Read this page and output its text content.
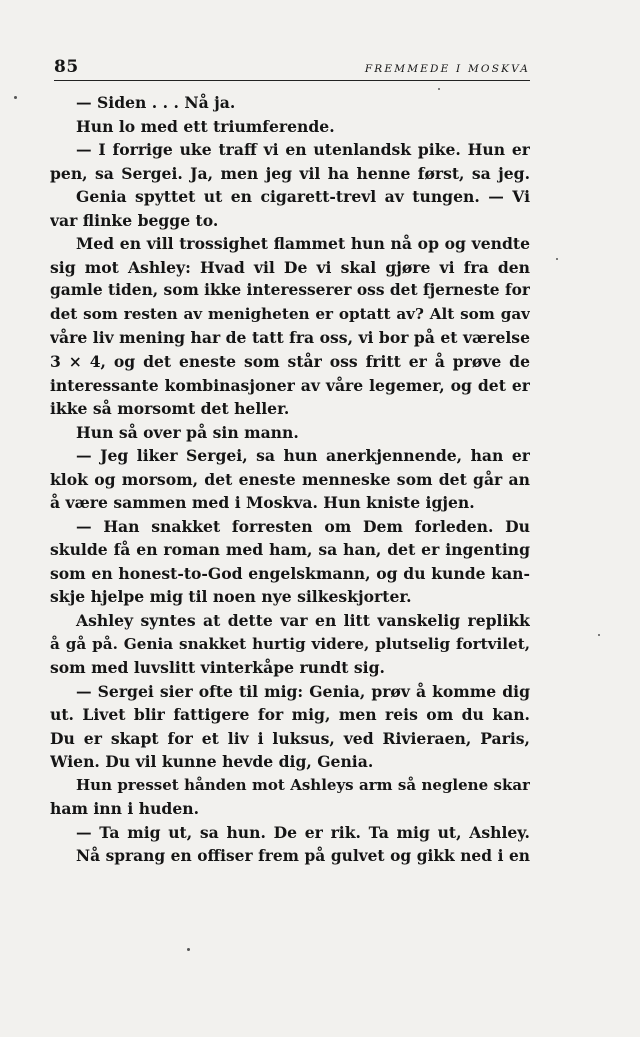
85	FREMMEDE I MOSKVA
— Siden . . . Nå ja.
Hun lo med ett triumferende.
— I forrige uke traff vi en utenlandsk pike. Hun er
pen, sa Sergei. Ja, men jeg vil ha henne først, sa jeg.
Genia spyttet ut en cigarett-trevl av tungen. — Vi
var flinke begge to.
Med en vill trossighet flammet hun nå op og vendte
sig mot Ashley: Hvad vil De vi skal gjøre vi fra den
gamle tiden, som ikke interesserer oss det fjerneste for
det som resten av menigheten er optatt av? Alt som gav
våre liv mening har de tatt fra oss, vi bor på et værelse
3 × 4, og det eneste som står oss fritt er å prøve de
interessante kombinasjoner av våre legemer, og det er
ikke så morsomt det heller.
Hun så over på sin mann.
— Jeg liker Sergei, sa hun anerkjennende, han er
klok og morsom, det eneste menneske som det går an
å være sammen med i Moskva. Hun kniste igjen.
— Han snakket forresten om Dem forleden. Du
skulde få en roman med ham, sa han, det er ingenting
som en honest-to-God engelskmann, og du kunde kan-
skje hjelpe mig til noen nye silkeskjorter.
Ashley syntes at dette var en litt vanskelig replikk
å gå på. Genia snakket hurtig videre, plutselig fortvilet,
som med luvslitt vinterkåpe rundt sig.
— Sergei sier ofte til mig: Genia, prøv å komme dig
ut. Livet blir fattigere for mig, men reis om du kan.
Du er skapt for et liv i luksus, ved Rivieraen, Paris,
Wien. Du vil kunne hevde dig, Genia.
Hun presset hånden mot Ashleys arm så neglene skar
ham inn i huden.
— Ta mig ut, sa hun. De er rik. Ta mig ut, Ashley.
Nå sprang en offiser frem på gulvet og gikk ned i en
